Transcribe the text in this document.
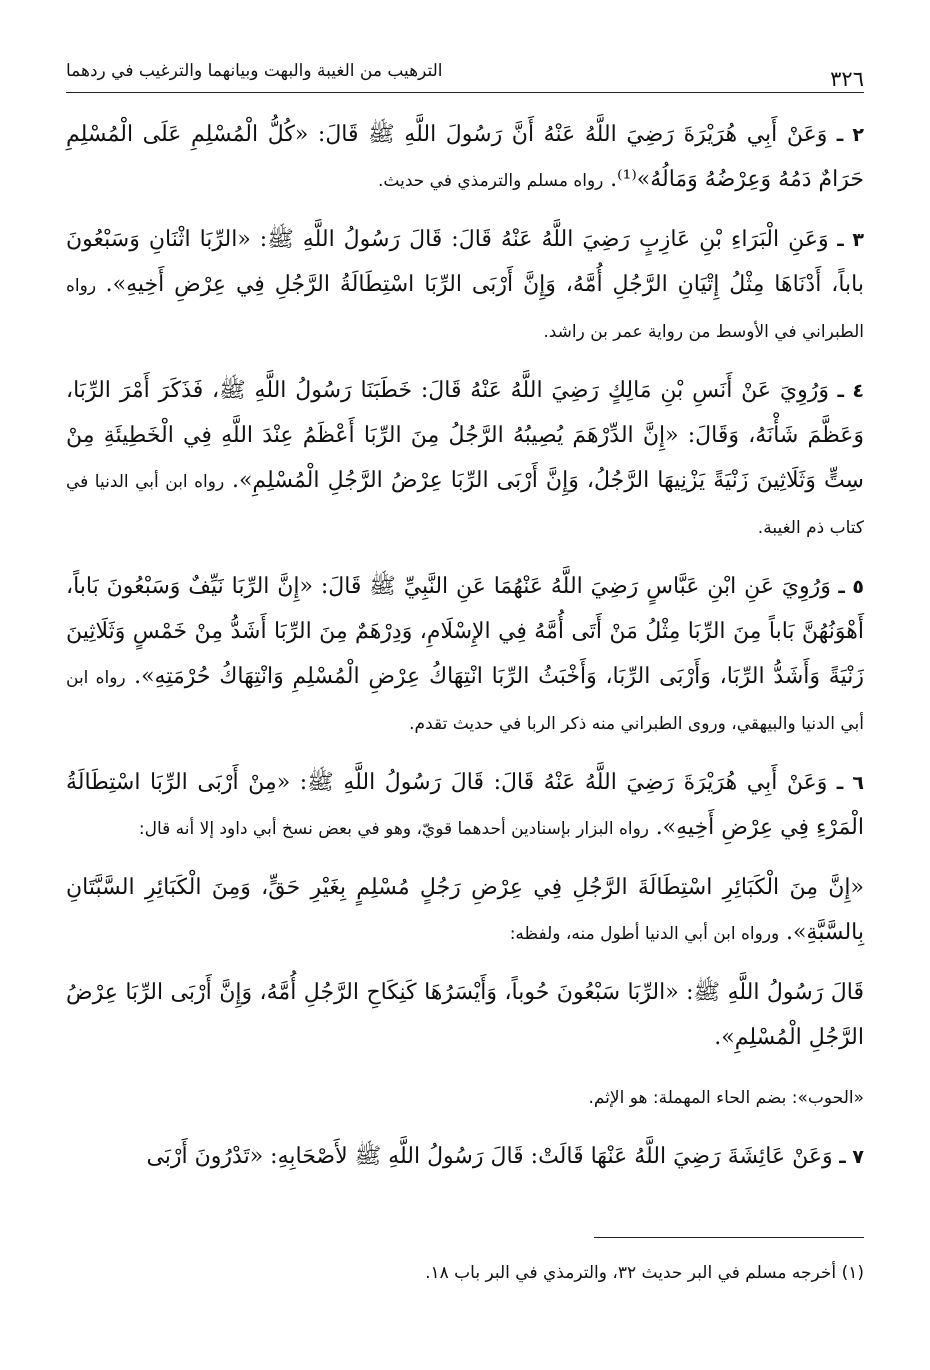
٣٢٦
الترهيب من الغيبة والبهت وبيانهما والترغيب في ردهما

٢ ـ وَعَنْ أَبِي هُرَيْرَةَ رَضِيَ اللَّهُ عَنْهُ أَنَّ رَسُولَ اللَّهِ ﷺ قَالَ: «كُلُّ الْمُسْلِمِ عَلَى الْمُسْلِمِ حَرَامٌ دَمُهُ وَعِرْضُهُ وَمَالُهُ»⁽¹⁾. رواه مسلم والترمذي في حديث.

٣ ـ وَعَنِ الْبَرَاءِ بْنِ عَازِبٍ رَضِيَ اللَّهُ عَنْهُ قَالَ: قَالَ رَسُولُ اللَّهِ ﷺ: «الرِّبَا اثْنَانِ وَسَبْعُونَ باباً، أَدْنَاهَا مِثْلُ إِتْيَانِ الرَّجُلِ أُمَّهُ، وَإِنَّ أَرْبَى الرِّبَا اسْتِطَالَةُ الرَّجُلِ فِي عِرْضِ أَخِيهِ». رواه الطبراني في الأوسط من رواية عمر بن راشد.

٤ ـ وَرُوِيَ عَنْ أَنَسِ بْنِ مَالِكٍ رَضِيَ اللَّهُ عَنْهُ قَالَ: خَطَبَنَا رَسُولُ اللَّهِ ﷺ، فَذَكَرَ أَمْرَ الرِّبَا، وَعَظَّمَ شَأْنَهُ، وَقَالَ: «إِنَّ الدِّرْهَمَ يُصِيبُهُ الرَّجُلُ مِنَ الرِّبَا أَعْظَمُ عِنْدَ اللَّهِ فِي الْخَطِيئَةِ مِنْ سِتٍّ وَثَلَاثِينَ زَنْيَةً يَزْنِيهَا الرَّجُلُ، وَإِنَّ أَرْبَى الرِّبَا عِرْضُ الرَّجُلِ الْمُسْلِمِ». رواه ابن أبي الدنيا في كتاب ذم الغيبة.

٥ ـ وَرُوِيَ عَنِ ابْنِ عَبَّاسٍ رَضِيَ اللَّهُ عَنْهُمَا عَنِ النَّبِيِّ ﷺ قَالَ: «إِنَّ الرِّبَا نَيِّفٌ وَسَبْعُونَ بَاباً، أَهْوَنُهُنَّ بَاباً مِنَ الرِّبَا مِثْلُ مَنْ أَتَى أُمَّهُ فِي الإِسْلَامِ، وَدِرْهَمٌ مِنَ الرِّبَا أَشَدُّ مِنْ خَمْسٍ وَثَلَاثِينَ زَنْيَةً وَأَشَدُّ الرِّبَا، وَأَرْبَى الرِّبَا، وَأَخْبَثُ الرِّبَا انْتِهَاكُ عِرْضِ الْمُسْلِمِ وَانْتِهَاكُ حُرْمَتِهِ». رواه ابن أبي الدنيا والبيهقي، وروى الطبراني منه ذكر الربا في حديث تقدم.

٦ ـ وَعَنْ أَبِي هُرَيْرَةَ رَضِيَ اللَّهُ عَنْهُ قَالَ: قَالَ رَسُولُ اللَّهِ ﷺ: «مِنْ أَرْبَى الرِّبَا اسْتِطَالَةُ الْمَرْءِ فِي عِرْضِ أَخِيهِ». رواه البزار بإسنادين أحدهما قويّ، وهو في بعض نسخ أبي داود إلا أنه قال:

«إِنَّ مِنَ الْكَبَائِرِ اسْتِطَالَةَ الرَّجُلِ فِي عِرْضِ رَجُلٍ مُسْلِمٍ بِغَيْرِ حَقٍّ، وَمِنَ الْكَبَائِرِ السَّبَّتَانِ بِالسَّبَّةِ». ورواه ابن أبي الدنيا أطول منه، ولفظه:

قَالَ رَسُولُ اللَّهِ ﷺ: «الرِّبَا سَبْعُونَ حُوباً، وَأَيْسَرُهَا كَنِكَاحِ الرَّجُلِ أُمَّهُ، وَإِنَّ أَرْبَى الرِّبَا عِرْضُ الرَّجُلِ الْمُسْلِمِ».

«الحوب»: بضم الحاء المهملة: هو الإثم.

٧ ـ وَعَنْ عَائِشَةَ رَضِيَ اللَّهُ عَنْهَا قَالَتْ: قَالَ رَسُولُ اللَّهِ ﷺ لأَصْحَابِهِ: «تَدْرُونَ أَرْبَى

(١) أخرجه مسلم في البر حديث ٣٢، والترمذي في البر باب ١٨.
